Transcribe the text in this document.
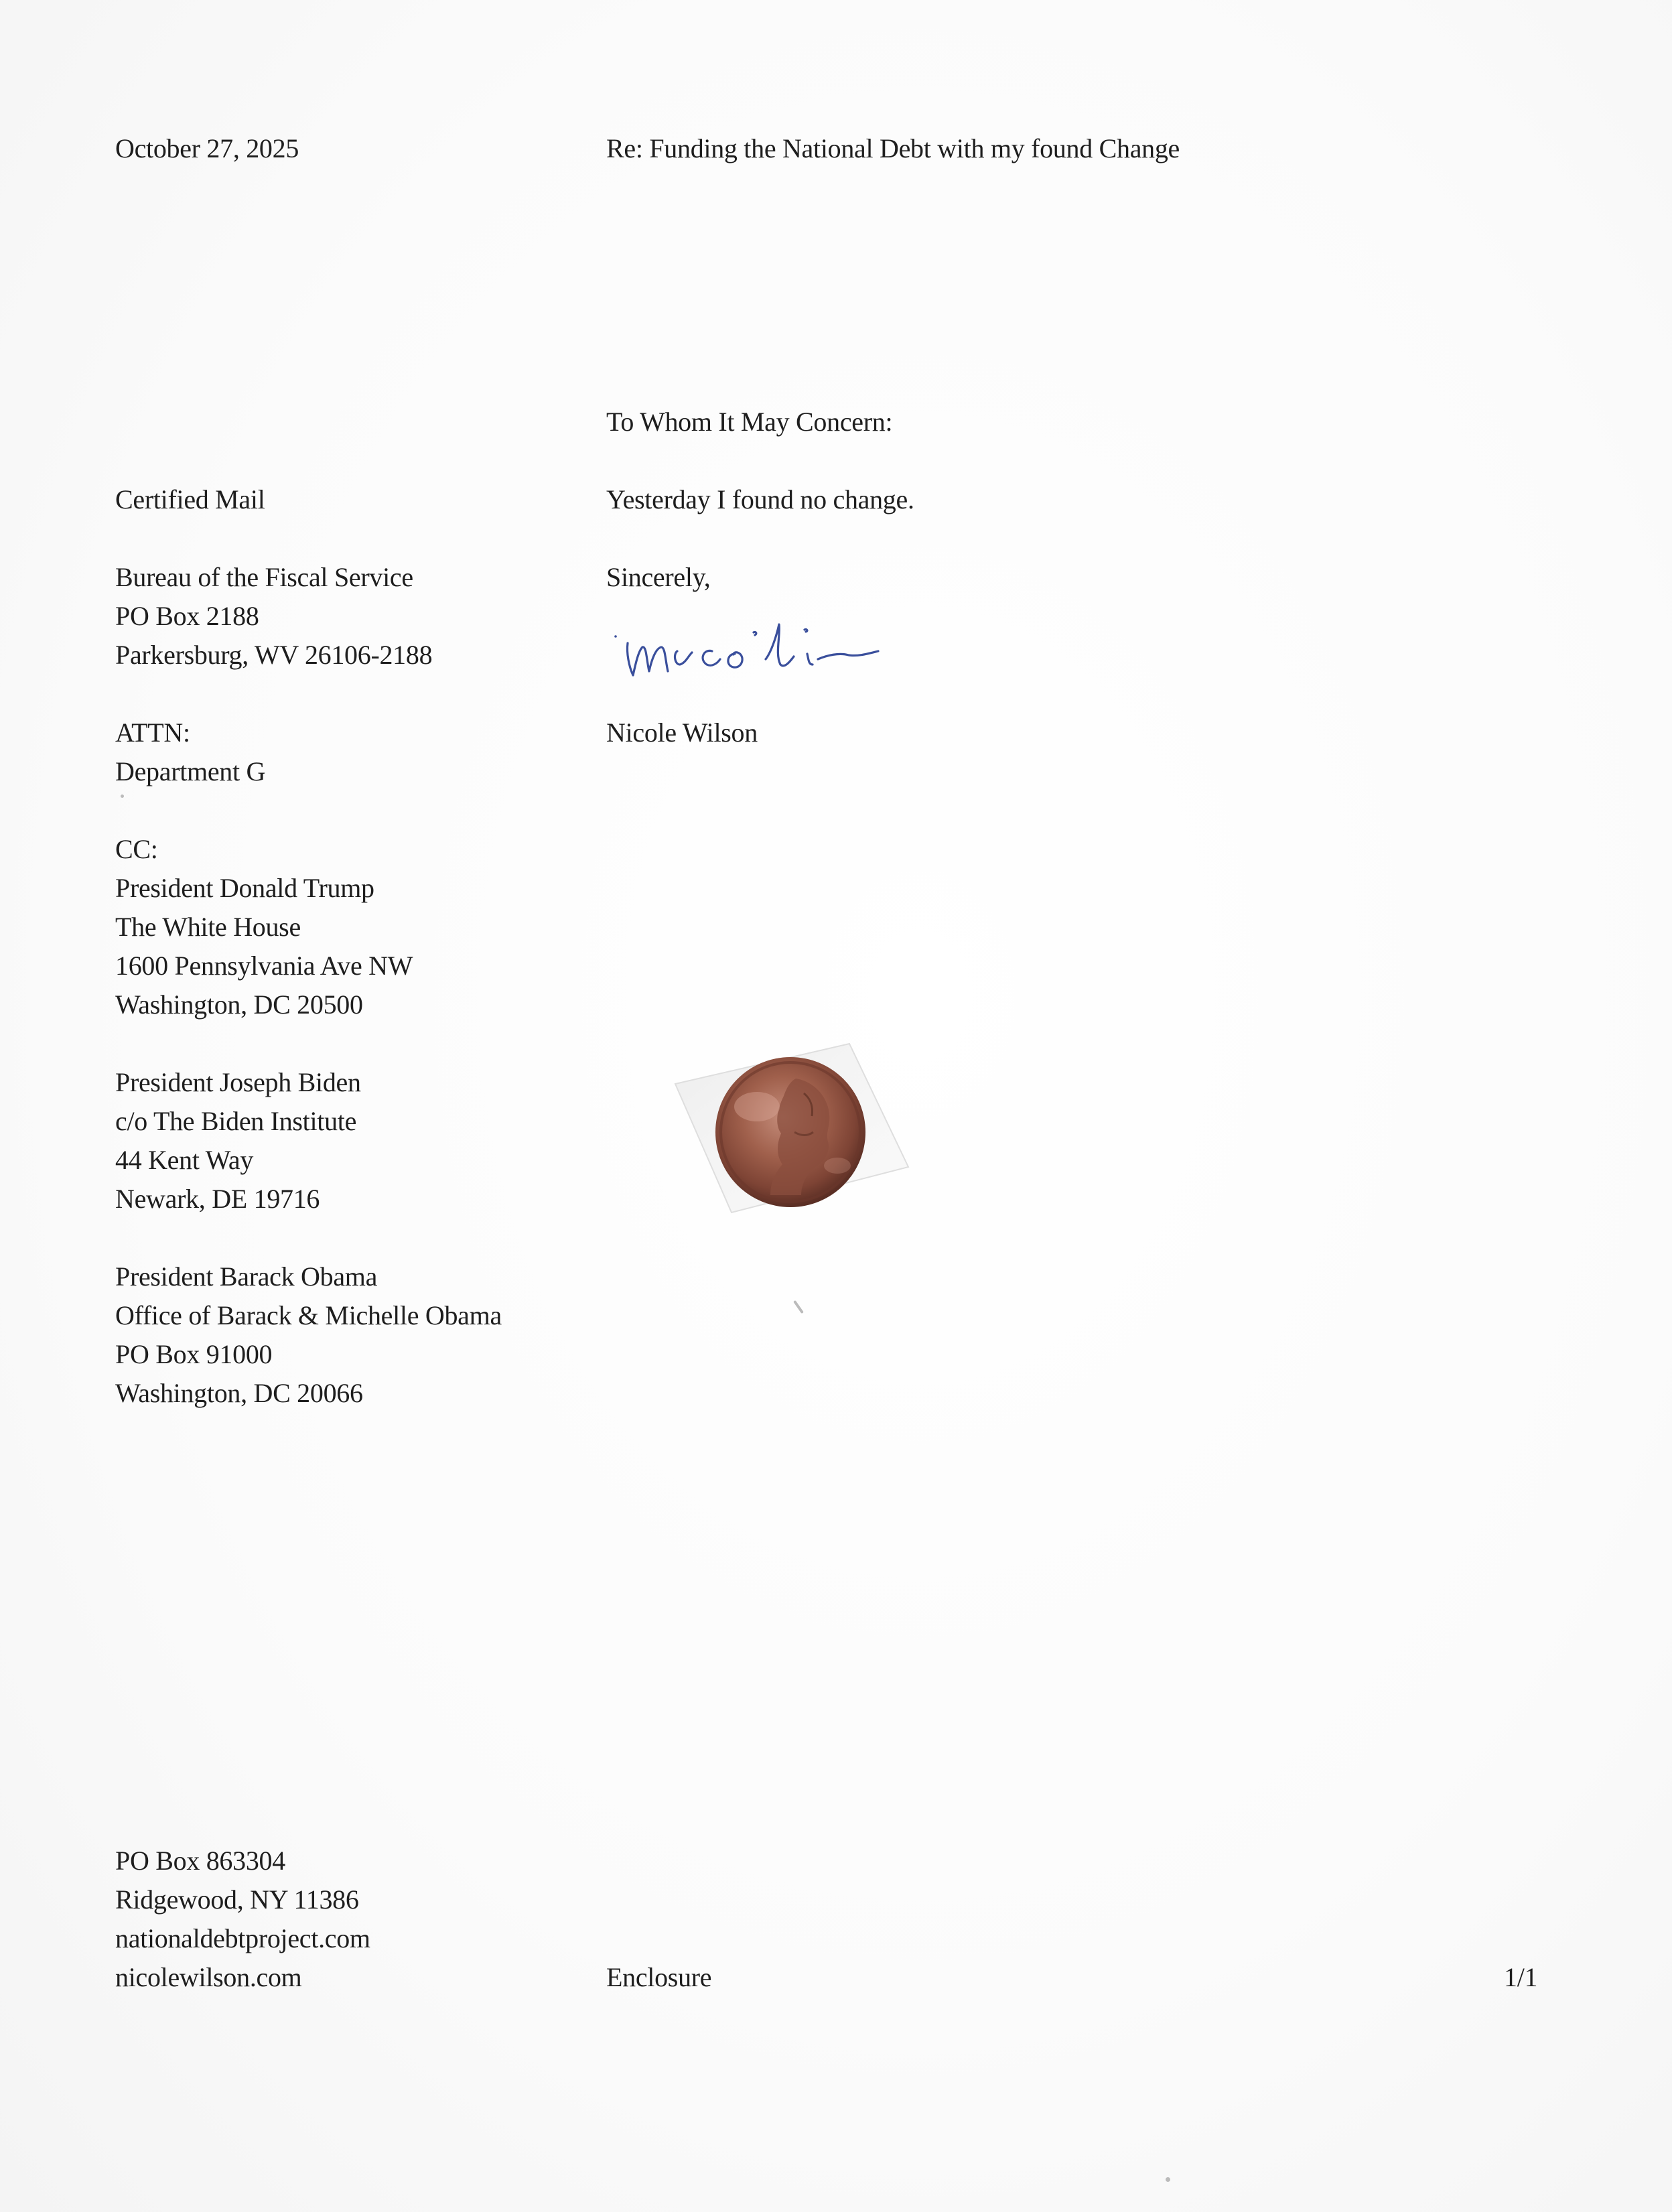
October 27, 2025	Re: Funding the National Debt with my found Change
Certified Mail
Bureau of the Fiscal Service
PO Box 2188
Parkersburg, WV 26106-2188
ATTN:
Department G
CC:
President Donald Trump
The White House
1600 Pennsylvania Ave NW
Washington, DC 20500
President Joseph Biden
c/o The Biden Institute
44 Kent Way
Newark, DE 19716
President Barack Obama
Office of Barack & Michelle Obama
PO Box 91000
Washington, DC 20066
To Whom It May Concern:
Yesterday I found no change.
Sincerely,
Nicole Wilson
PO Box 863304
Ridgewood, NY 11386
nationaldebtproject.com
nicolewilson.com	Enclosure	1/1
